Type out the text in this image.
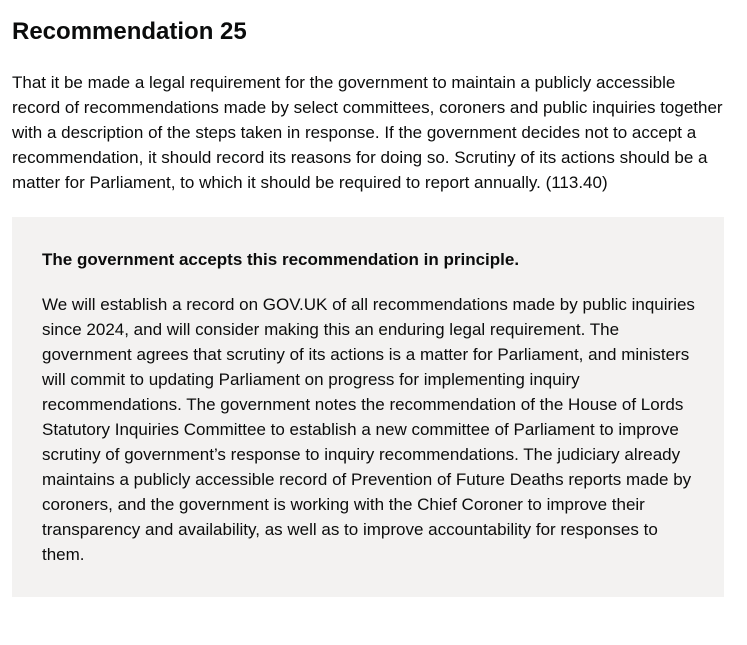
Recommendation 25

That it be made a legal requirement for the government to maintain a publicly accessible record of recommendations made by select committees, coroners and public inquiries together with a description of the steps taken in response. If the government decides not to accept a recommendation, it should record its reasons for doing so. Scrutiny of its actions should be a matter for Parliament, to which it should be required to report annually. (113.40)

The government accepts this recommendation in principle.

We will establish a record on GOV.UK of all recommendations made by public inquiries since 2024, and will consider making this an enduring legal requirement. The government agrees that scrutiny of its actions is a matter for Parliament, and ministers will commit to updating Parliament on progress for implementing inquiry recommendations. The government notes the recommendation of the House of Lords Statutory Inquiries Committee to establish a new committee of Parliament to improve scrutiny of government’s response to inquiry recommendations. The judiciary already maintains a publicly accessible record of Prevention of Future Deaths reports made by coroners, and the government is working with the Chief Coroner to improve their transparency and availability, as well as to improve accountability for responses to them.
